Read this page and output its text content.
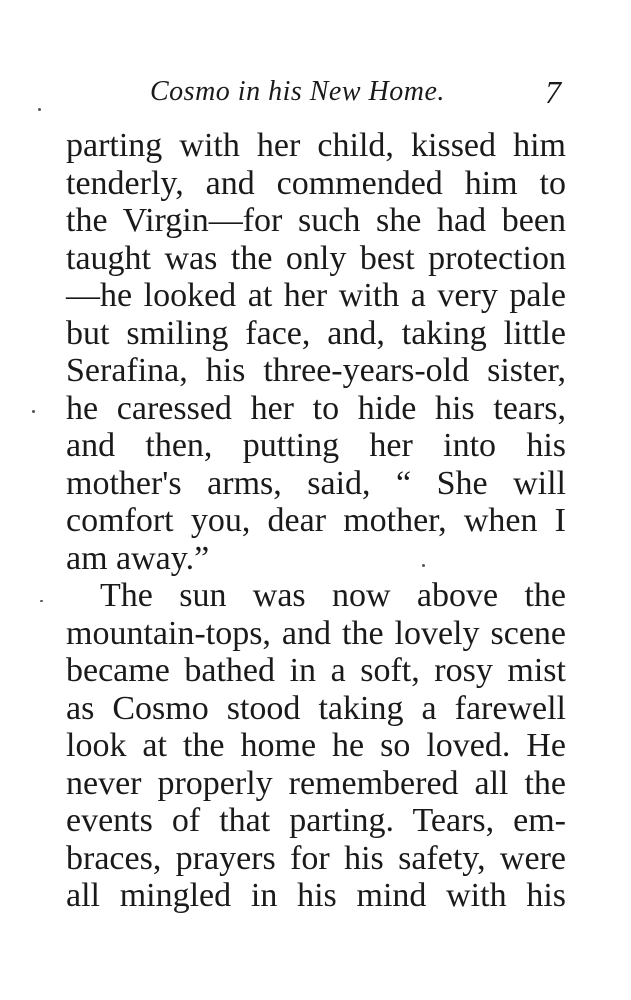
Cosmo in his New Home.	7
parting with her child, kissed him
tenderly, and commended him to
the Virgin—for such she had been
taught was the only best protection
—he looked at her with a very pale
but smiling face, and, taking little
Serafina, his three-years-old sister,
he caressed her to hide his tears,
and then, putting her into his
mother's arms, said, “ She will
comfort you, dear mother, when I
am away.”
The sun was now above the
mountain-tops, and the lovely scene
became bathed in a soft, rosy mist
as Cosmo stood taking a farewell
look at the home he so loved. He
never properly remembered all the
events of that parting. Tears, em-
braces, prayers for his safety, were
all mingled in his mind with his
